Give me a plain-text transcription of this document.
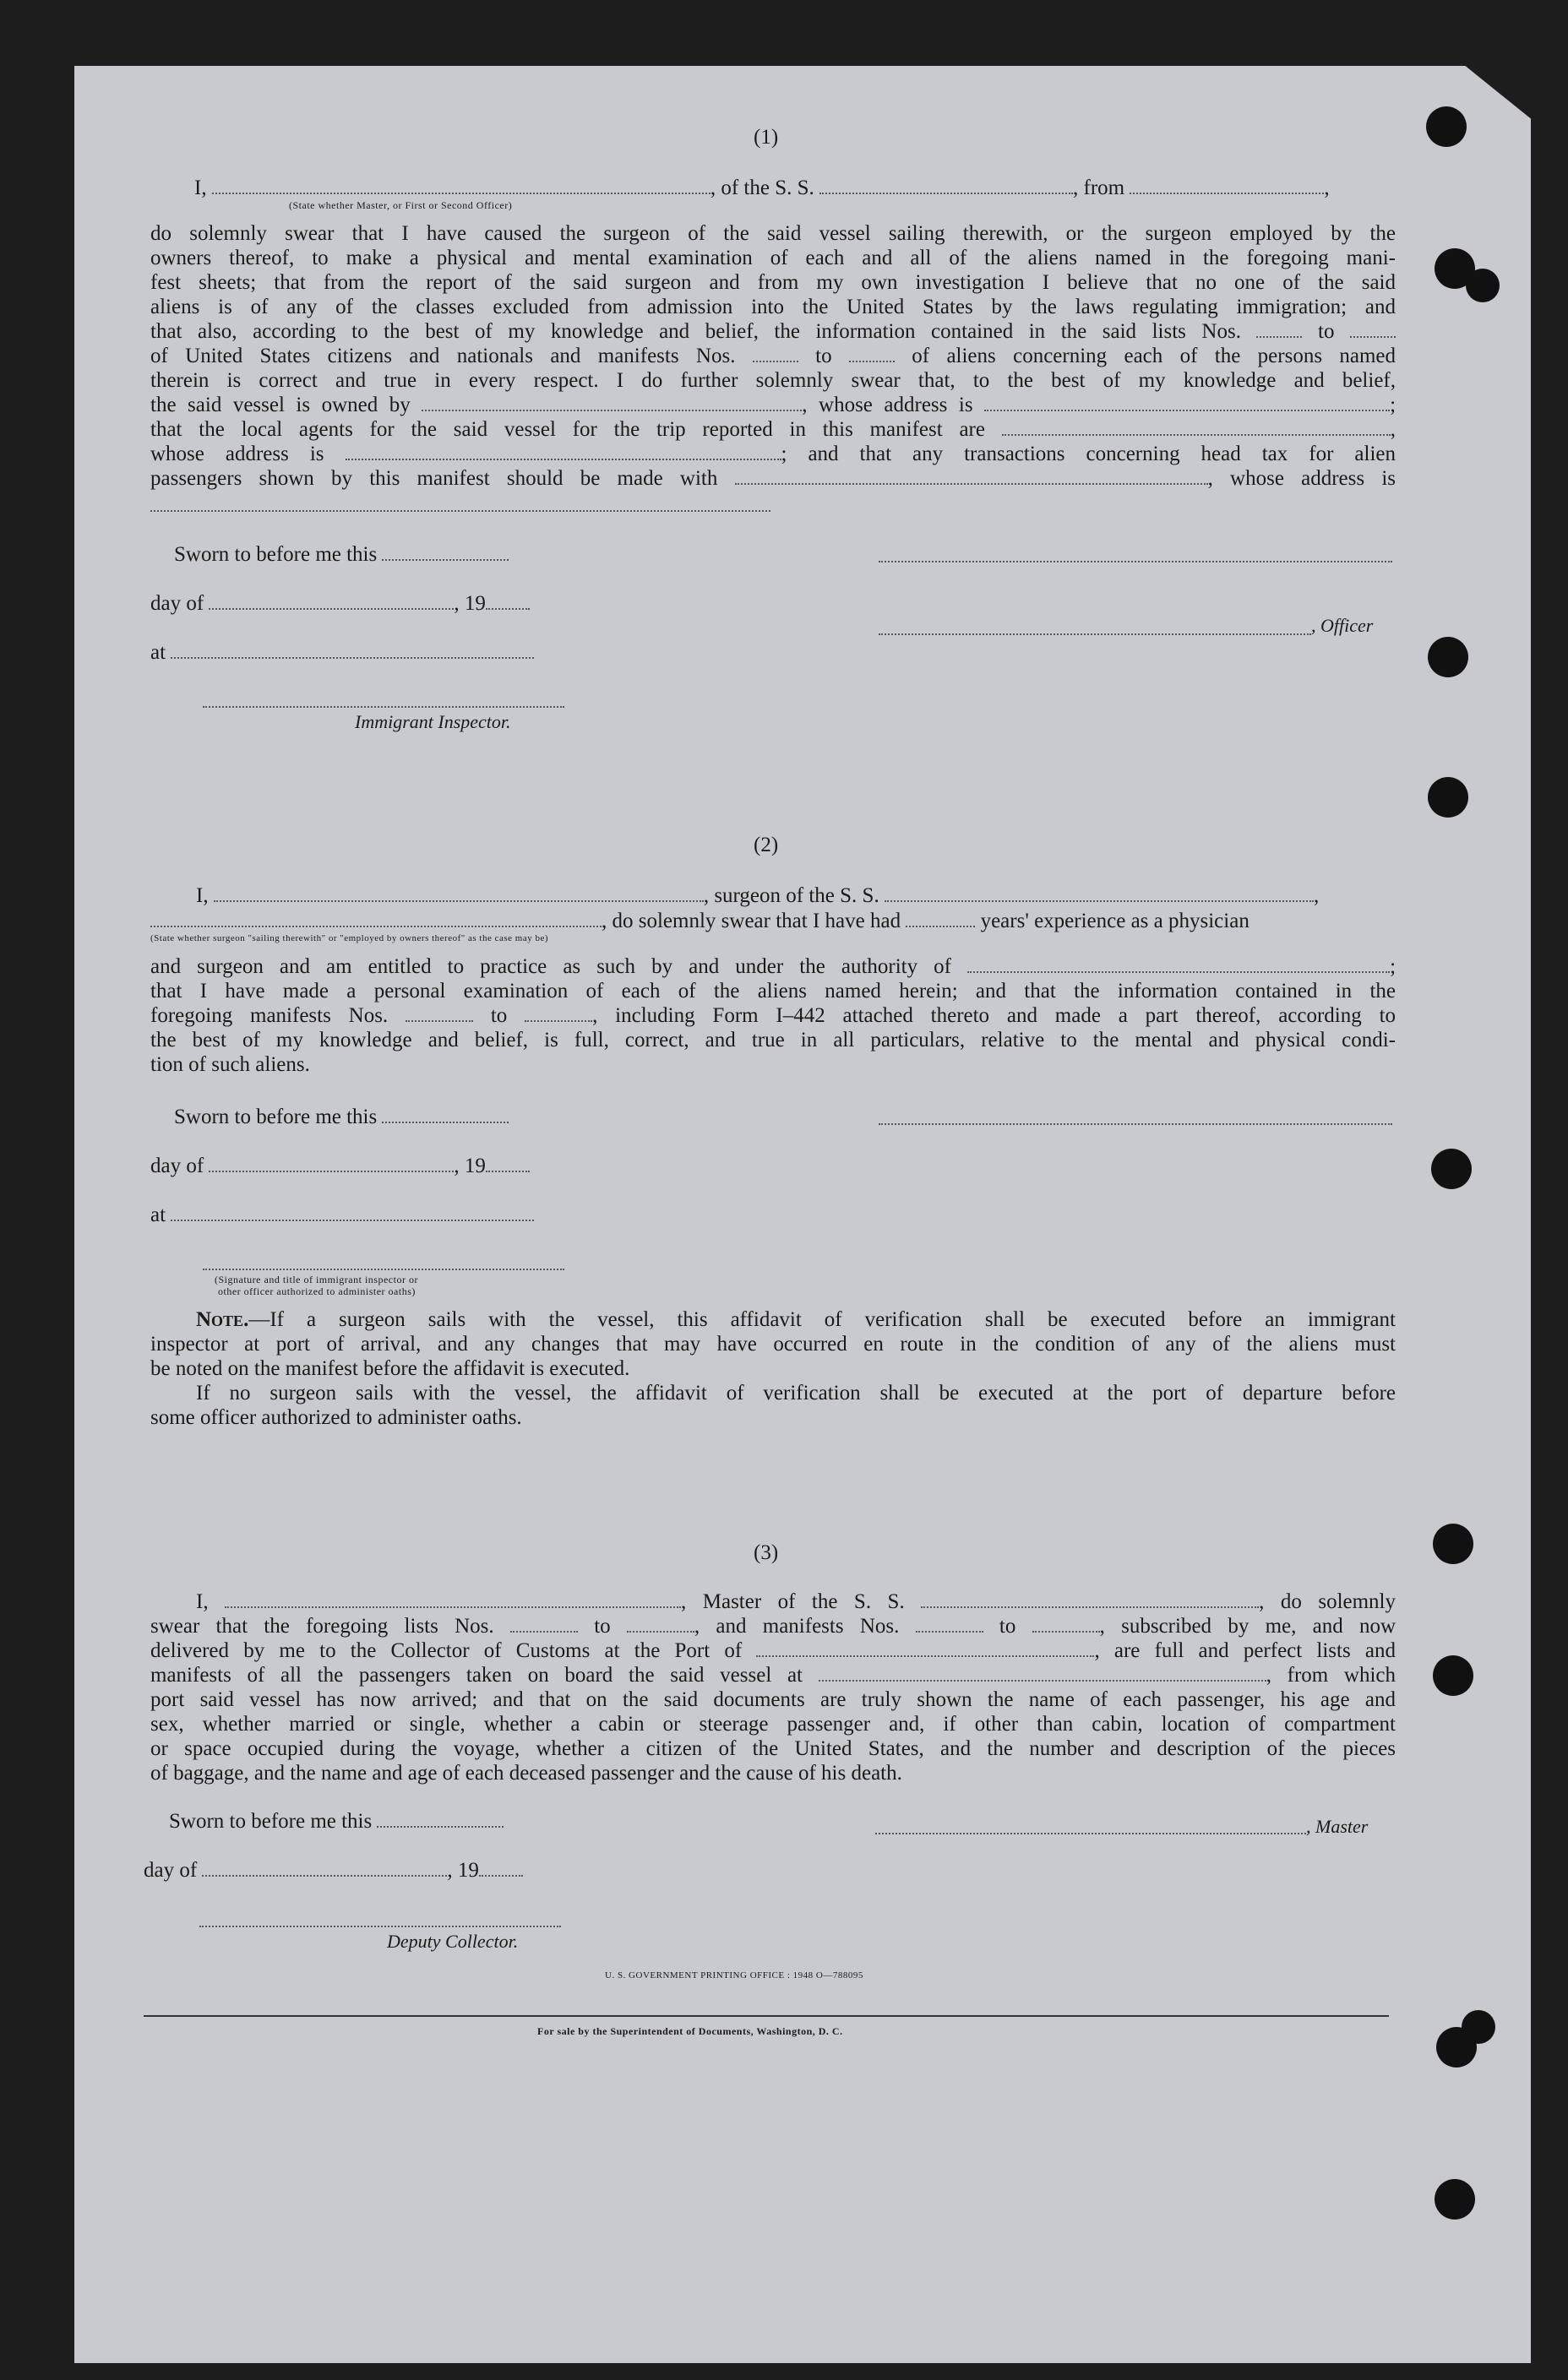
(1)
I,	, of the S. S.	, from	,
(State whether Master, or First or Second Officer)
do solemnly swear that I have caused the surgeon of the said vessel sailing therewith, or the surgeon employed by the
owners thereof, to make a physical and mental examination of each and all of the aliens named in the foregoing mani-
fest sheets; that from the report of the said surgeon and from my own investigation I believe that no one of the said
aliens is of any of the classes excluded from admission into the United States by the laws regulating immigration; and
that also, according to the best of my knowledge and belief, the information contained in the said lists Nos.	to
of United States citizens and nationals and manifests Nos.	to	of aliens concerning each of the persons named
therein is correct and true in every respect. I do further solemnly swear that, to the best of my knowledge and belief,
the said vessel is owned by	, whose address is	;
that the local agents for the said vessel for the trip reported in this manifest are	,
whose address is	; and that any transactions concerning head tax for alien
passengers shown by this manifest should be made with	, whose address is
Sworn to before me this
day of	, 19
, Officer
at
Immigrant Inspector.
(2)
I,	, surgeon of the S. S.	,
, do solemnly swear that I have had	years' experience as a physician
(State whether surgeon "sailing therewith" or "employed by owners thereof" as the case may be)
and surgeon and am entitled to practice as such by and under the authority of	;
that I have made a personal examination of each of the aliens named herein; and that the information contained in the
foregoing manifests Nos.	to	, including Form I–442 attached thereto and made a part thereof, according to
the best of my knowledge and belief, is full, correct, and true in all particulars, relative to the mental and physical condi-
tion of such aliens.
Sworn to before me this
day of	, 19
at
(Signature and title of immigrant inspector or
other officer authorized to administer oaths)
Note.—If a surgeon sails with the vessel, this affidavit of verification shall be executed before an immigrant
inspector at port of arrival, and any changes that may have occurred en route in the condition of any of the aliens must
be noted on the manifest before the affidavit is executed.
If no surgeon sails with the vessel, the affidavit of verification shall be executed at the port of departure before
some officer authorized to administer oaths.
(3)
I,	, Master of the S. S.	, do solemnly
swear that the foregoing lists Nos.	to	, and manifests Nos.	to	, subscribed by me, and now
delivered by me to the Collector of Customs at the Port of	, are full and perfect lists and
manifests of all the passengers taken on board the said vessel at	, from which
port said vessel has now arrived; and that on the said documents are truly shown the name of each passenger, his age and
sex, whether married or single, whether a cabin or steerage passenger and, if other than cabin, location of compartment
or space occupied during the voyage, whether a citizen of the United States, and the number and description of the pieces
of baggage, and the name and age of each deceased passenger and the cause of his death.
Sworn to before me this	, Master
day of	, 19
Deputy Collector.
U. S. GOVERNMENT PRINTING OFFICE : 1948 O—788095
For sale by the Superintendent of Documents, Washington, D. C.
